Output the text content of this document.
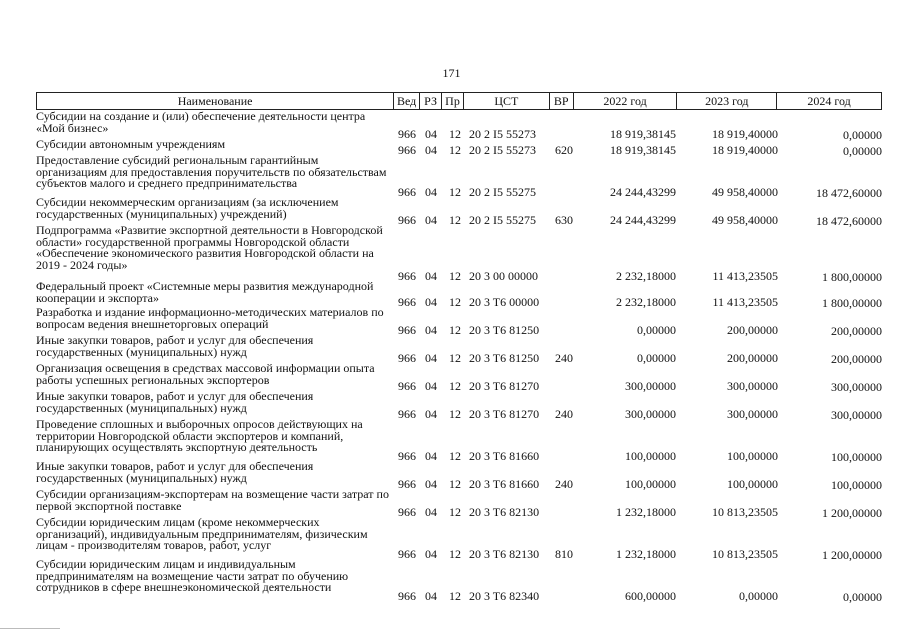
171
Наименование	Вед РЗ Пр	ЦСТ	ВР	2022 год	2023 год	2024 год
Субсидии на создание и (или) обеспечение деятельности центра «Мой бизнес»	966 04 12 20 2 I5 55273	18 919,38145	18 919,40000	0,00000
Субсидии автономным учреждениям	966 04 12 20 2 I5 55273 620	18 919,38145	18 919,40000	0,00000
Предоставление субсидий региональным гарантийным организациям для предоставления поручительств по обязательствам субъектов малого и среднего предпринимательства
966 04 12 20 2 I5 55275	24 244,43299	49 958,40000	18 472,60000
Субсидии некоммерческим организациям (за исключением государственных (муниципальных) учреждений)	966 04 12 20 2 I5 55275 630	24 244,43299	49 958,40000	18 472,60000
Подпрограмма «Развитие экспортной деятельности в Новгородской области» государственной программы Новгородской области «Обеспечение экономического развития Новгородской области на 2019 - 2024 годы»
966 04 12 20 3 00 00000	2 232,18000	11 413,23505	1 800,00000
Федеральный проект «Системные меры развития международной кооперации и экспорта»	966 04 12 20 3 T6 00000	2 232,18000	11 413,23505	1 800,00000
Разработка и издание информационно-методических материалов по вопросам ведения внешнеторговых операций	966 04 12 20 3 T6 81250	0,00000	200,00000	200,00000
Иные закупки товаров, работ и услуг для обеспечения государственных (муниципальных) нужд	966 04 12 20 3 T6 81250 240	0,00000	200,00000	200,00000
Организация освещения в средствах массовой информации опыта работы успешных региональных экспортеров	966 04 12 20 3 T6 81270	300,00000	300,00000	300,00000
Иные закупки товаров, работ и услуг для обеспечения государственных (муниципальных) нужд	966 04 12 20 3 T6 81270 240	300,00000	300,00000	300,00000
Проведение сплошных и выборочных опросов действующих на территории Новгородской области экспортеров и компаний, планирующих осуществлять экспортную деятельность
966 04 12 20 3 T6 81660	100,00000	100,00000	100,00000
Иные закупки товаров, работ и услуг для обеспечения государственных (муниципальных) нужд	966 04 12 20 3 T6 81660 240	100,00000	100,00000	100,00000
Субсидии организациям-экспортерам на возмещение части затрат по первой экспортной поставке	966 04 12 20 3 T6 82130	1 232,18000	10 813,23505	1 200,00000
Субсидии юридическим лицам (кроме некоммерческих организаций), индивидуальным предпринимателям, физическим лицам - производителям товаров, работ, услуг
966 04 12 20 3 T6 82130 810	1 232,18000	10 813,23505	1 200,00000
Субсидии юридическим лицам и индивидуальным предпринимателям на возмещение части затрат по обучению сотрудников в сфере внешнеэкономической деятельности
966 04 12 20 3 T6 82340	600,00000	0,00000	0,00000
